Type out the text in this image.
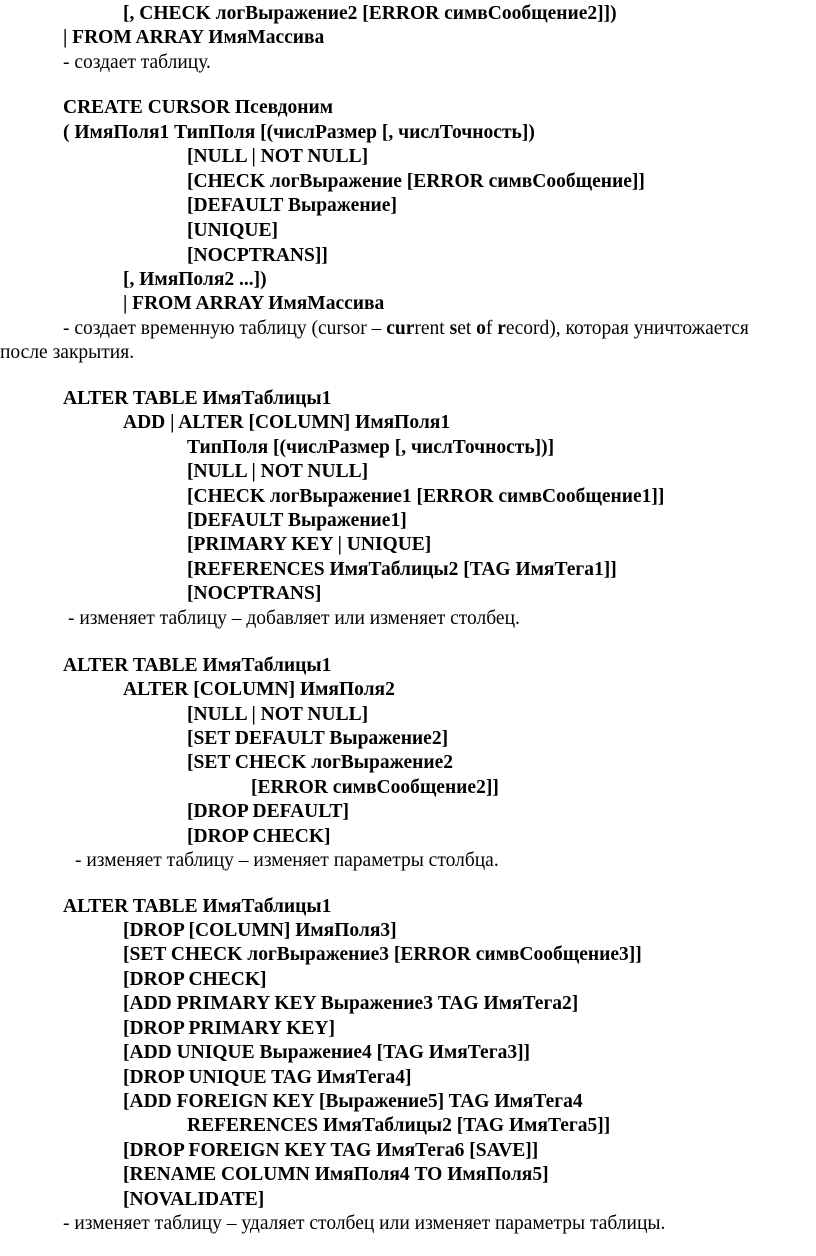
[, CHECK логВыражение2 [ERROR симвСообщение2]])
| FROM ARRAY ИмяМассива
- создает таблицу.
CREATE CURSOR Псевдоним
( ИмяПоля1 ТипПоля [(числРазмер [, числТочность])
[NULL | NOT NULL]
[CHECK логВыражение [ERROR симвСообщение]]
[DEFAULT Выражение]
[UNIQUE]
[NOCPTRANS]]
[, ИмяПоля2 ...])
| FROM ARRAY ИмяМассива
- создает временную таблицу (cursor – current set of record), которая уничтожается
после закрытия.
ALTER TABLE ИмяТаблицы1
ADD | ALTER [COLUMN] ИмяПоля1
ТипПоля [(числРазмер [, числТочность])]
[NULL | NOT NULL]
[CHECK логВыражение1 [ERROR симвСообщение1]]
[DEFAULT Выражение1]
[PRIMARY KEY | UNIQUE]
[REFERENCES ИмяТаблицы2 [TAG ИмяТега1]]
[NOCPTRANS]
- изменяет таблицу – добавляет или изменяет столбец.
ALTER TABLE ИмяТаблицы1
ALTER [COLUMN] ИмяПоля2
[NULL | NOT NULL]
[SET DEFAULT Выражение2]
[SET CHECK логВыражение2
[ERROR симвСообщение2]]
[DROP DEFAULT]
[DROP CHECK]
- изменяет таблицу – изменяет параметры столбца.
ALTER TABLE ИмяТаблицы1
[DROP [COLUMN] ИмяПоля3]
[SET CHECK логВыражение3 [ERROR симвСообщение3]]
[DROP CHECK]
[ADD PRIMARY KEY Выражение3 TAG ИмяТега2]
[DROP PRIMARY KEY]
[ADD UNIQUE Выражение4 [TAG ИмяТега3]]
[DROP UNIQUE TAG ИмяТега4]
[ADD FOREIGN KEY [Выражение5] TAG ИмяТега4
REFERENCES ИмяТаблицы2 [TAG ИмяТега5]]
[DROP FOREIGN KEY TAG ИмяТега6 [SAVE]]
[RENAME COLUMN ИмяПоля4 TO ИмяПоля5]
[NOVALIDATE]
- изменяет таблицу – удаляет столбец или изменяет параметры таблицы.
